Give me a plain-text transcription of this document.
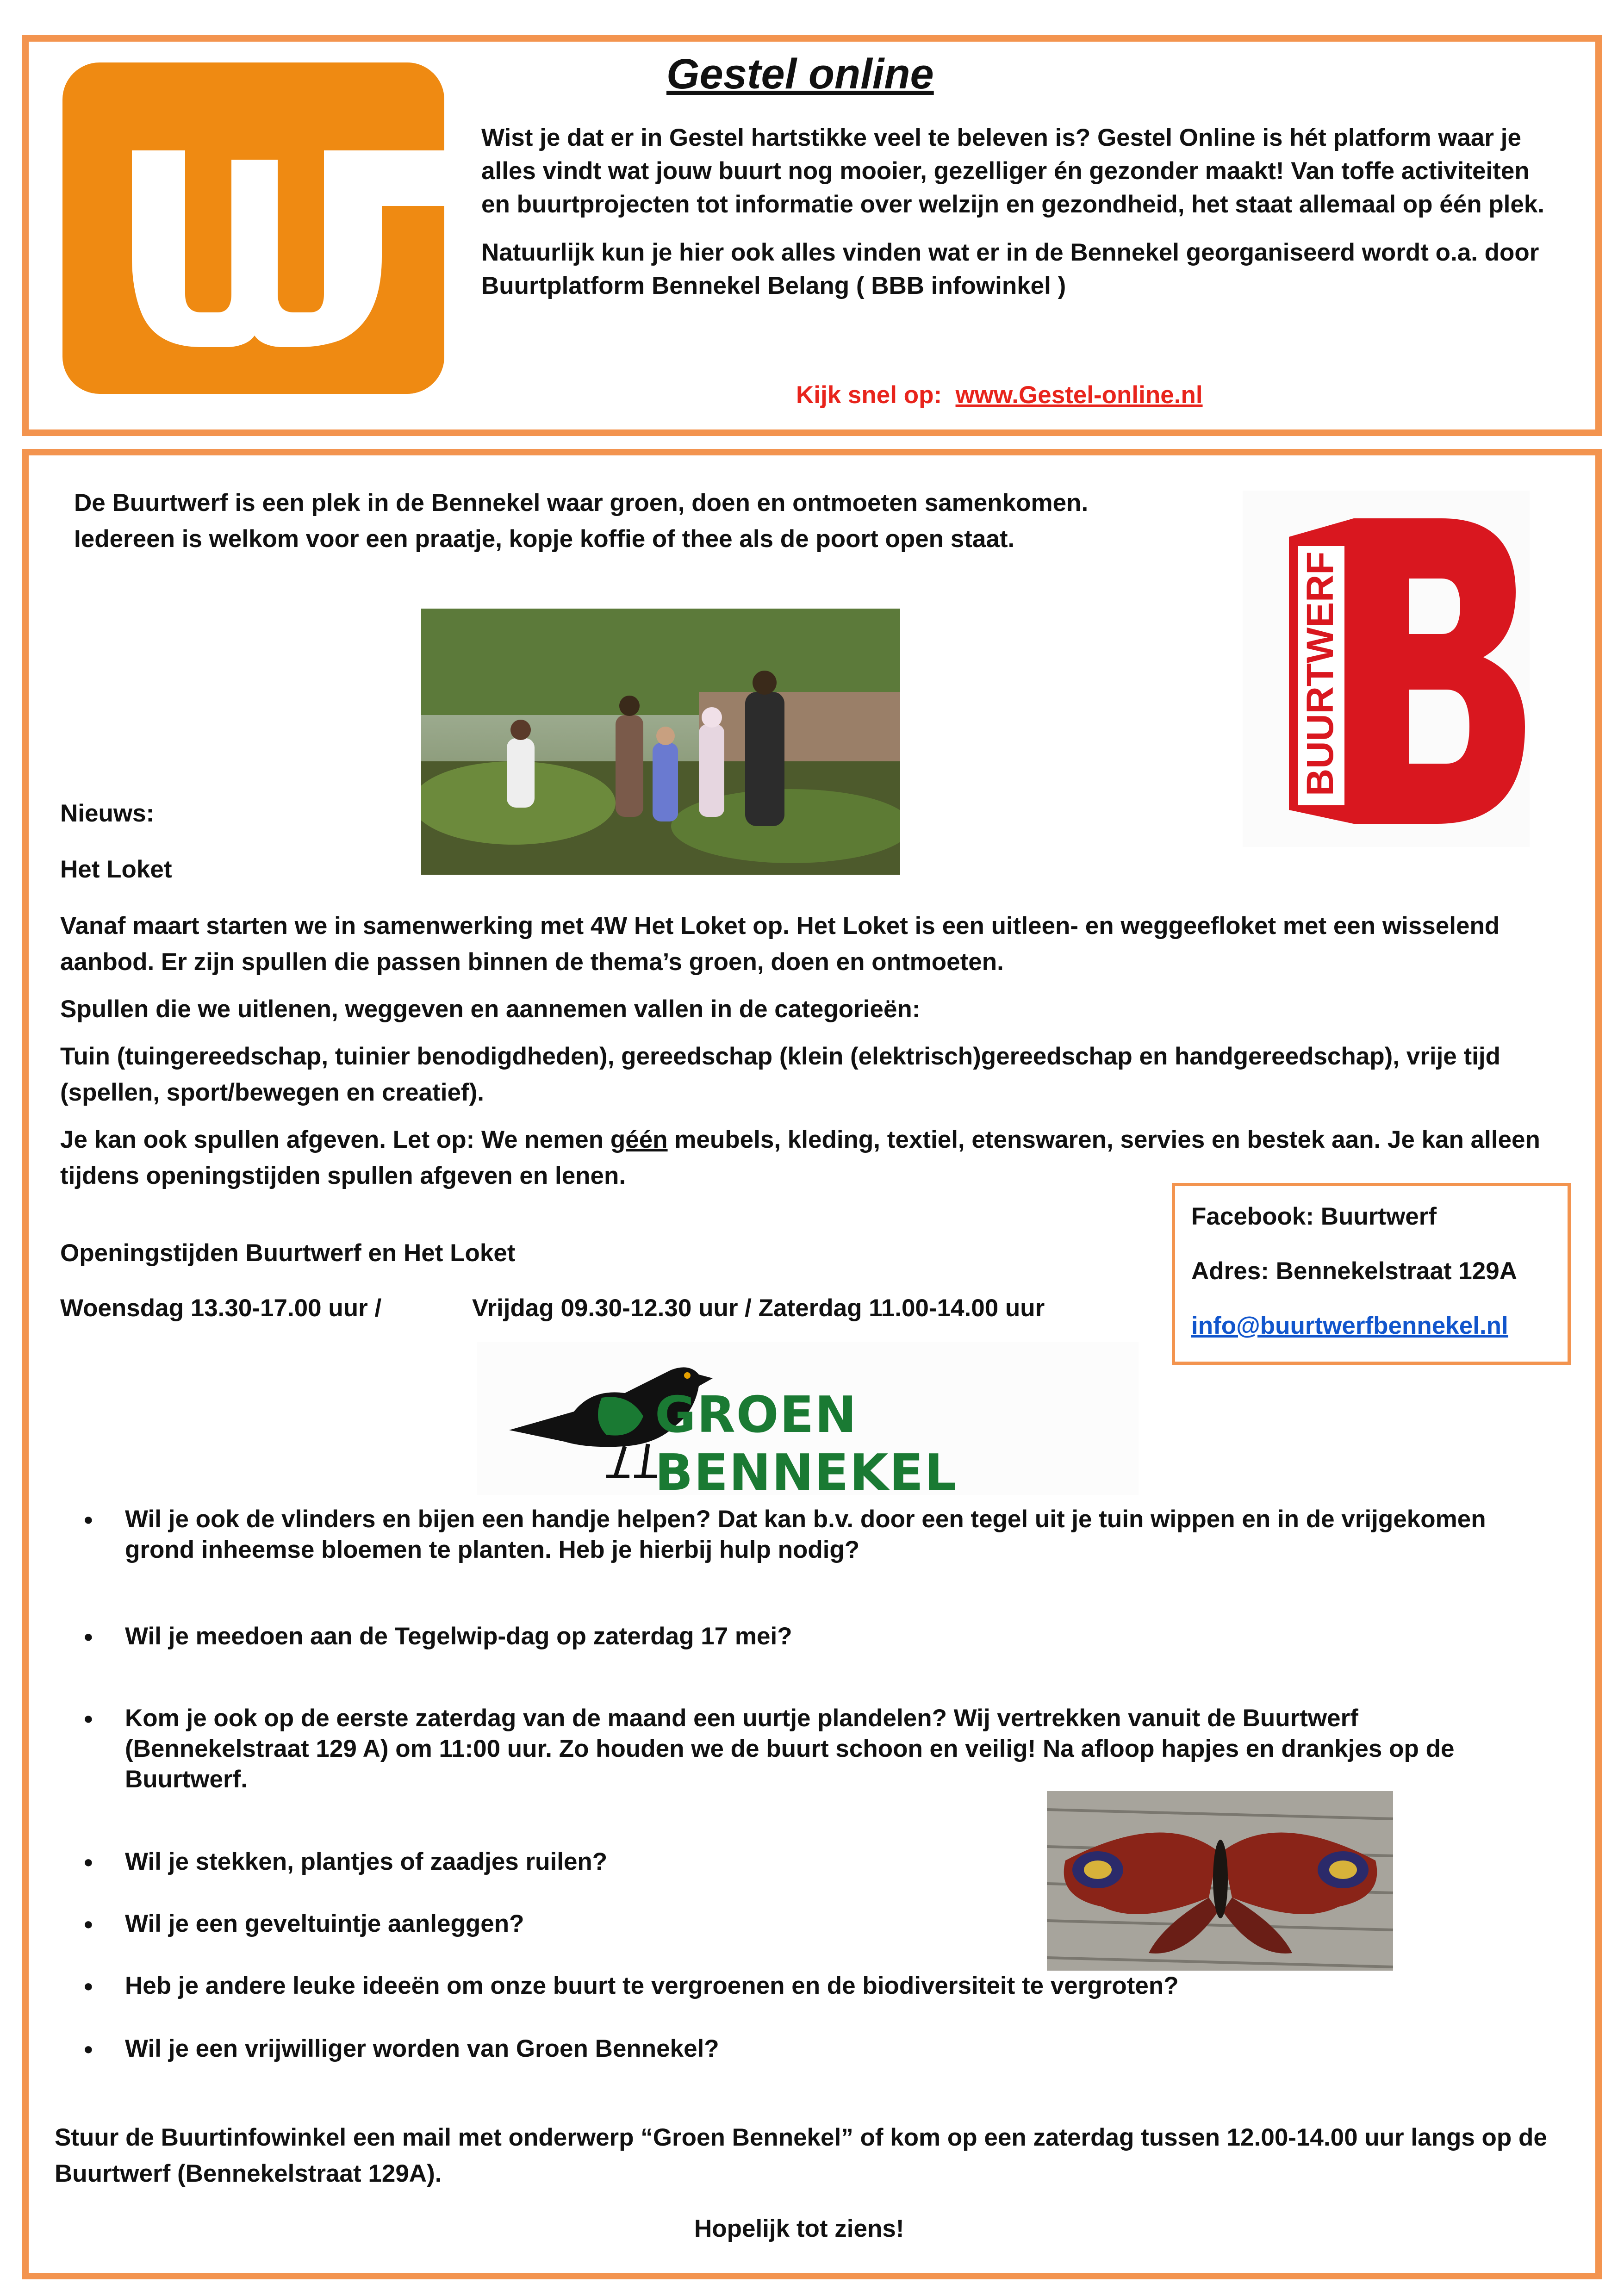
Gestel online

Wist je dat er in Gestel hartstikke veel te beleven is? Gestel Online is hét platform waar je alles vindt wat jouw buurt nog mooier, gezelliger én gezonder maakt! Van toffe activiteiten en buurtprojecten tot informatie over welzijn en gezondheid, het staat allemaal op één plek.

Natuurlijk kun je hier ook alles vinden wat er in de Bennekel georganiseerd wordt o.a. door Buurtplatform Bennekel Belang ( BBB infowinkel )

Kijk snel op: www.Gestel-online.nl
De Buurtwerf is een plek in de Bennekel waar groen, doen en ontmoeten samenkomen.
Iedereen is welkom voor een praatje, kopje koffie of thee als de poort open staat.
BUURTWERF
Nieuws:
Het Loket

Vanaf maart starten we in samenwerking met 4W Het Loket op. Het Loket is een uitleen- en weggeefloket met een wisselend aanbod. Er zijn spullen die passen binnen de thema’s groen, doen en ontmoeten.

Spullen die we uitlenen, weggeven en aannemen vallen in de categorieën:

Tuin (tuingereedschap, tuinier benodigdheden), gereedschap (klein (elektrisch)gereedschap en handgereedschap), vrije tijd (spellen, sport/bewegen en creatief).

Je kan ook spullen afgeven. Let op: We nemen géén meubels, kleding, textiel, etenswaren, servies en bestek aan. Je kan alleen tijdens openingstijden spullen afgeven en lenen.

Openingstijden Buurtwerf en Het Loket
Woensdag 13.30-17.00 uur /	Vrijdag 09.30-12.30 uur / Zaterdag 11.00-14.00 uur
Facebook: Buurtwerf
Adres: Bennekelstraat 129A
info@buurtwerfbennekel.nl
GROEN BENNEKEL
● Wil je ook de vlinders en bijen een handje helpen? Dat kan b.v. door een tegel uit je tuin wippen en in de vrijgekomen grond inheemse bloemen te planten. Heb je hierbij hulp nodig?
● Wil je meedoen aan de Tegelwip-dag op zaterdag 17 mei?
● Kom je ook op de eerste zaterdag van de maand een uurtje plandelen? Wij vertrekken vanuit de Buurtwerf (Bennekelstraat 129 A) om 11:00 uur. Zo houden we de buurt schoon en veilig! Na afloop hapjes en drankjes op de Buurtwerf.
● Wil je stekken, plantjes of zaadjes ruilen?
● Wil je een geveltuintje aanleggen?
● Heb je andere leuke ideeën om onze buurt te vergroenen en de biodiversiteit te vergroten?
● Wil je een vrijwilliger worden van Groen Bennekel?
Stuur de Buurtinfowinkel een mail met onderwerp “Groen Bennekel” of kom op een zaterdag tussen 12.00-14.00 uur langs op de Buurtwerf (Bennekelstraat 129A).
Hopelijk tot ziens!
